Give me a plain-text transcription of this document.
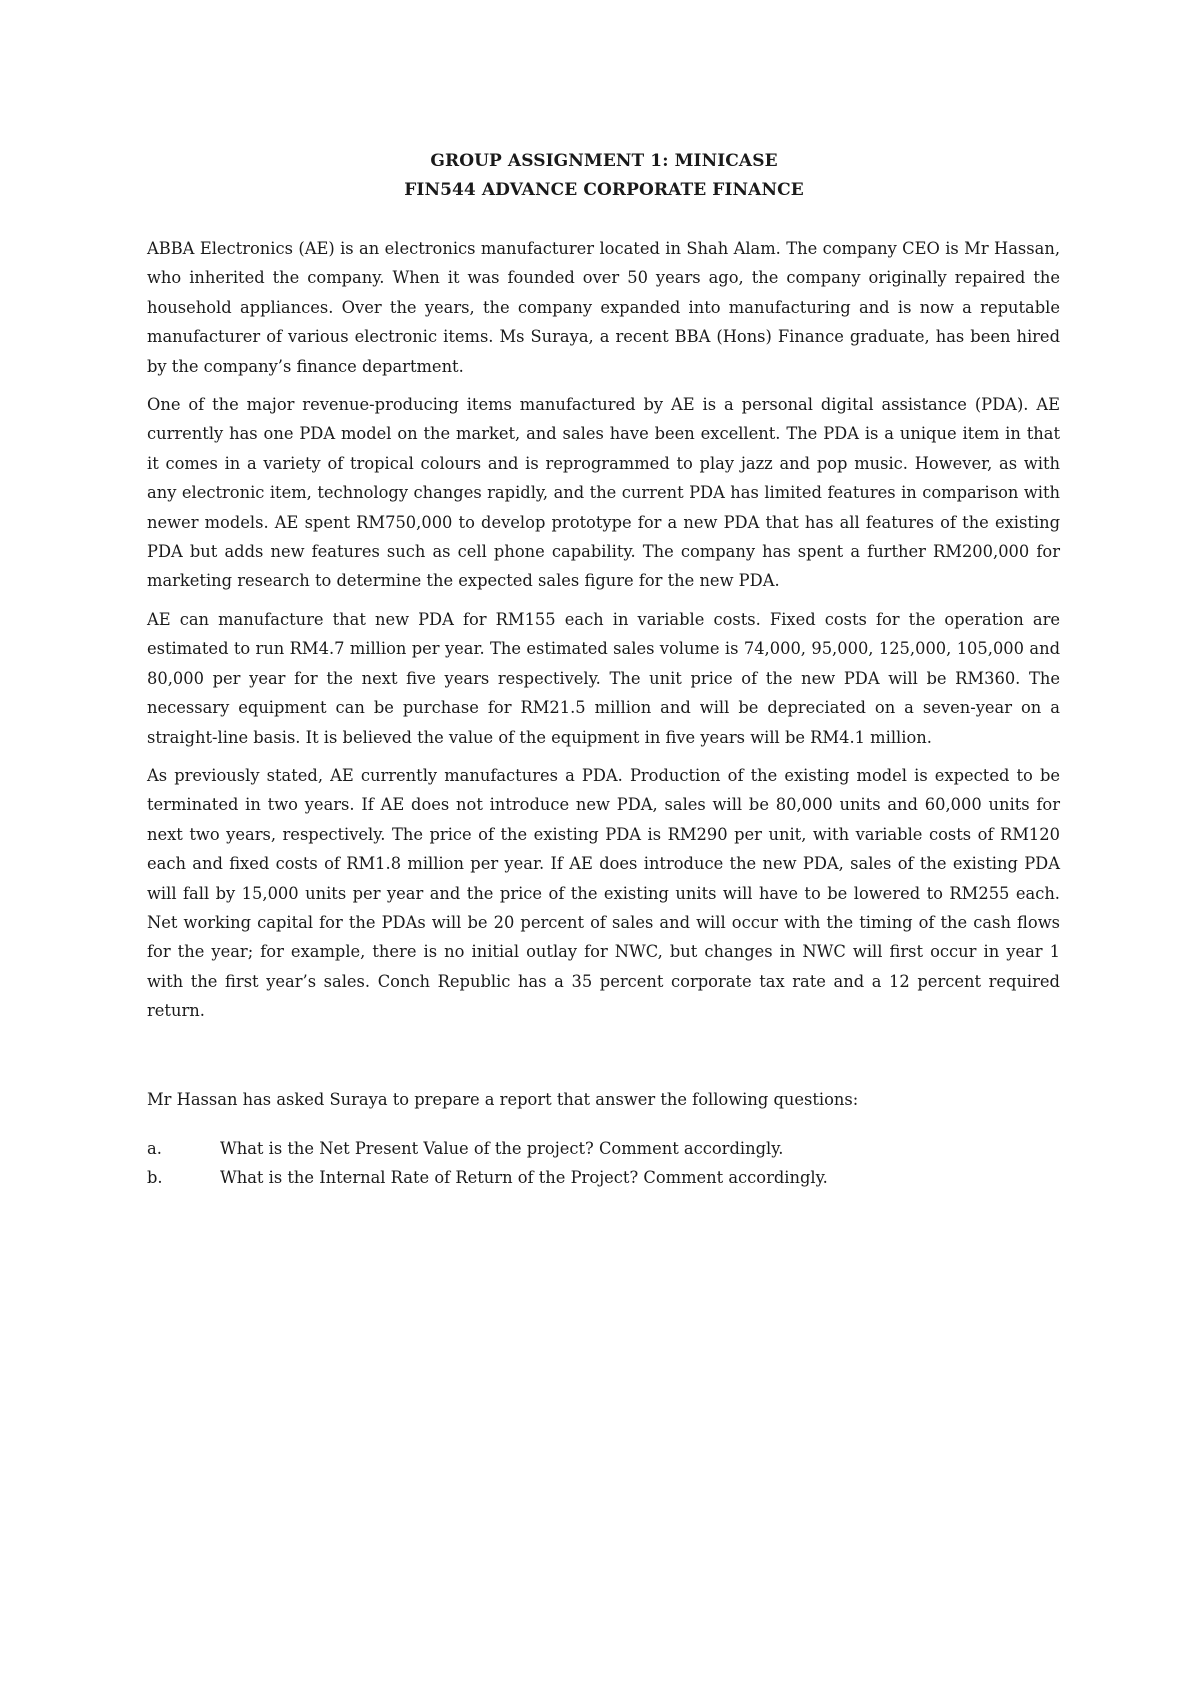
GROUP ASSIGNMENT 1: MINICASE
FIN544 ADVANCE CORPORATE FINANCE

ABBA Electronics (AE) is an electronics manufacturer located in Shah Alam. The company CEO is Mr Hassan, who inherited the company. When it was founded over 50 years ago, the company originally repaired the household appliances. Over the years, the company expanded into manufacturing and is now a reputable manufacturer of various electronic items. Ms Suraya, a recent BBA (Hons) Finance graduate, has been hired by the company’s finance department.

One of the major revenue-producing items manufactured by AE is a personal digital assistance (PDA). AE currently has one PDA model on the market, and sales have been excellent. The PDA is a unique item in that it comes in a variety of tropical colours and is reprogrammed to play jazz and pop music. However, as with any electronic item, technology changes rapidly, and the current PDA has limited features in comparison with newer models. AE spent RM750,000 to develop prototype for a new PDA that has all features of the existing PDA but adds new features such as cell phone capability. The company has spent a further RM200,000 for marketing research to determine the expected sales figure for the new PDA.

AE can manufacture that new PDA for RM155 each in variable costs. Fixed costs for the operation are estimated to run RM4.7 million per year. The estimated sales volume is 74,000, 95,000, 125,000, 105,000 and 80,000 per year for the next five years respectively. The unit price of the new PDA will be RM360. The necessary equipment can be purchase for RM21.5 million and will be depreciated on a seven-year on a straight-line basis. It is believed the value of the equipment in five years will be RM4.1 million.

As previously stated, AE currently manufactures a PDA. Production of the existing model is expected to be terminated in two years. If AE does not introduce new PDA, sales will be 80,000 units and 60,000 units for next two years, respectively. The price of the existing PDA is RM290 per unit, with variable costs of RM120 each and fixed costs of RM1.8 million per year. If AE does introduce the new PDA, sales of the existing PDA will fall by 15,000 units per year and the price of the existing units will have to be lowered to RM255 each. Net working capital for the PDAs will be 20 percent of sales and will occur with the timing of the cash flows for the year; for example, there is no initial outlay for NWC, but changes in NWC will first occur in year 1 with the first year’s sales. Conch Republic has a 35 percent corporate tax rate and a 12 percent required return.

Mr Hassan has asked Suraya to prepare a report that answer the following questions:

a.	What is the Net Present Value of the project? Comment accordingly.
b.	What is the Internal Rate of Return of the Project? Comment accordingly.
